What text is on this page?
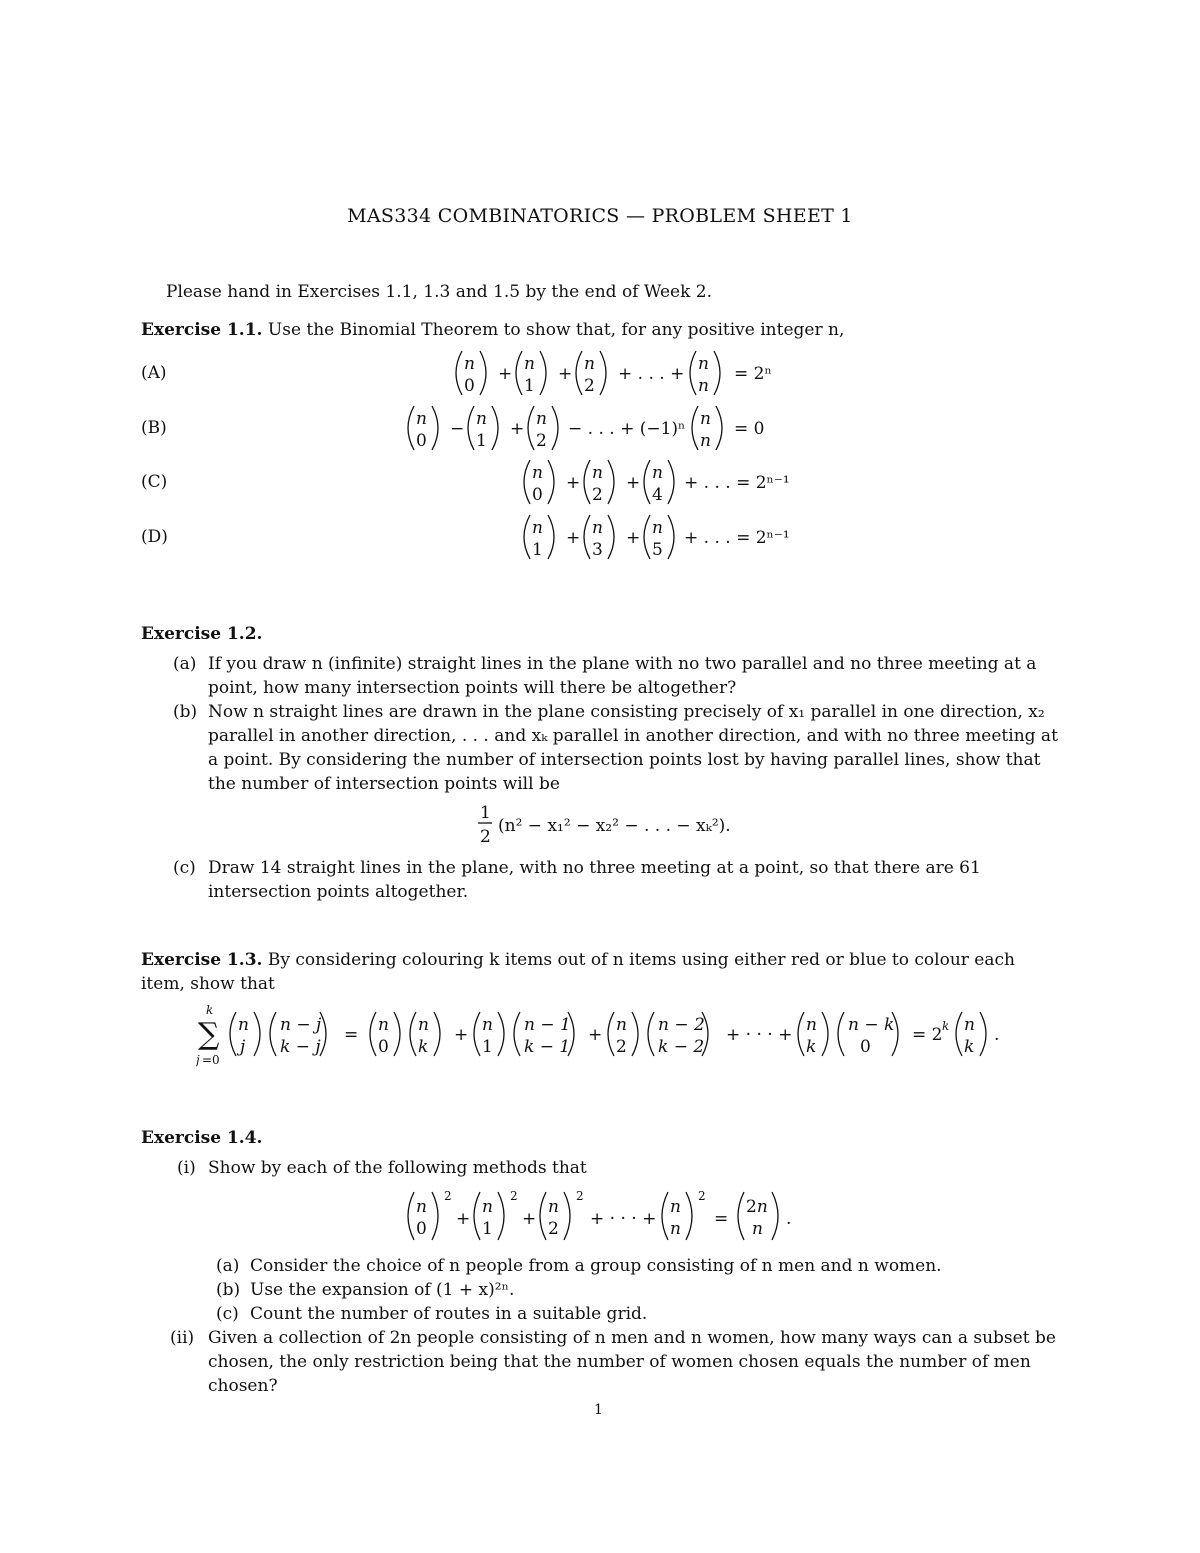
MAS334 COMBINATORICS — PROBLEM SHEET 1
Please hand in Exercises 1.1, 1.3 and 1.5 by the end of Week 2.
Exercise 1.1. Use the Binomial Theorem to show that, for any positive integer n,
(A)
(B)
(C)
(D)
n
0
+ n
1
+ n
2
+ . . . + n
n
= 2ⁿ
n
0
− n
1
+ n
2
− . . . + (−1)ⁿ n
n
= 0
n
0
+ n
2
+ n
4
+ . . . = 2ⁿ⁻¹
n
1
+ n
3
+ n
5
+ . . . = 2ⁿ⁻¹
Exercise 1.2.
(a) If you draw n (infinite) straight lines in the plane with no two parallel and no three meeting at a point, how many intersection points will there be altogether?
(b) Now n straight lines are drawn in the plane consisting precisely of x₁ parallel in one direction, x₂ parallel in another direction, . . . and xₖ parallel in another direction, and with no three meeting at a point. By considering the number of intersection points lost by having parallel lines, show that the number of intersection points will be
1
2
(n² − x₁² − x₂² − . . . − xₖ²).
(c) Draw 14 straight lines in the plane, with no three meeting at a point, so that there are 61 intersection points altogether.
Exercise 1.3. By considering colouring k items out of n items using either red or blue to colour each item, show that
k
∑
j =0
n
j
n − j
k − j
= n
0
n
k
+ n
1
n − 1
k − 1
+ n
2
n − 2
k − 2
+ · · · + n
k
n − k
0
= 2 k n
k
.
Exercise 1.4.
(i) Show by each of the following methods that
n
0
2
+
n
1
2
+
n
2
2
+ · · · +
n
n
2
=
2n
n .
(a) Consider the choice of n people from a group consisting of n men and n women.
(b) Use the expansion of (1 + x)²ⁿ.
(c) Count the number of routes in a suitable grid.
(ii) Given a collection of 2n people consisting of n men and n women, how many ways can a subset be chosen, the only restriction being that the number of women chosen equals the number of men chosen?
1
